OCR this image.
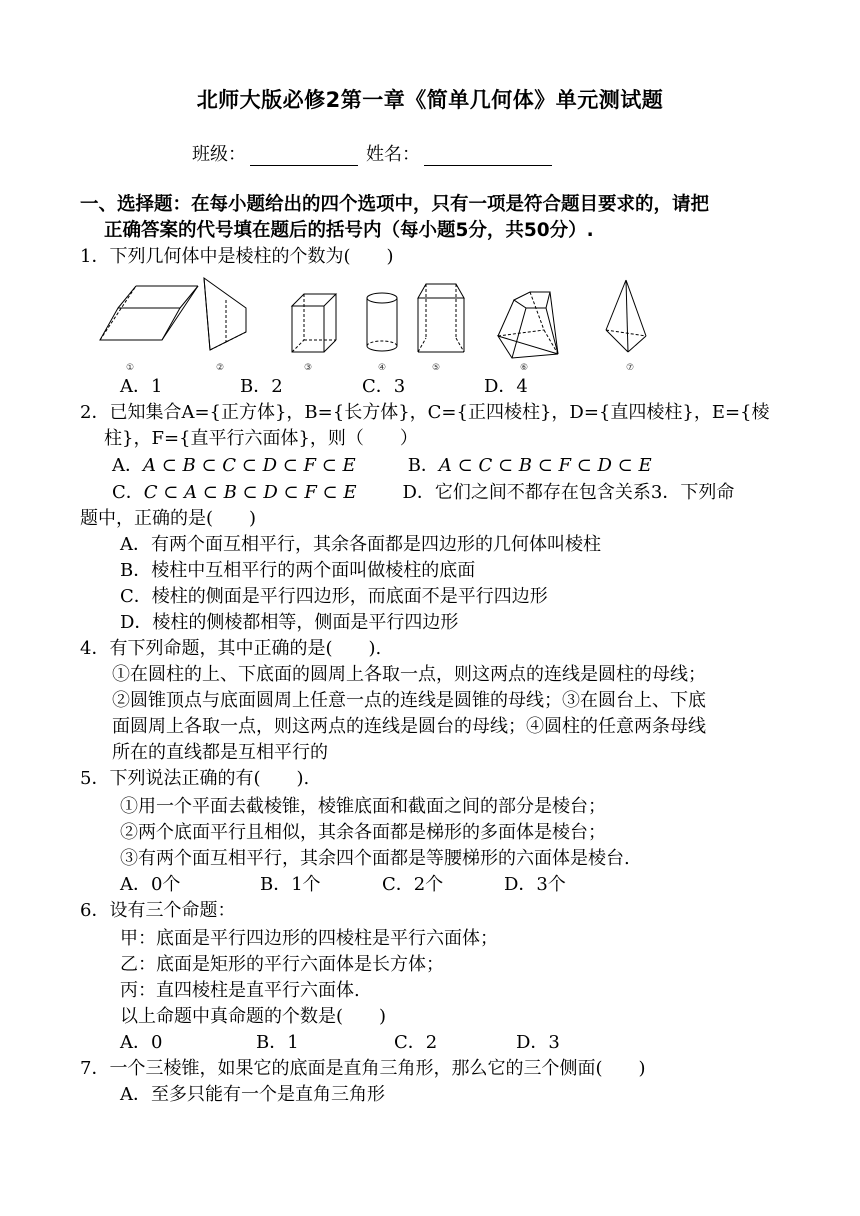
北师大版必修2第一章《简单几何体》单元测试题
班级：	姓名：
一、选择题：在每小题给出的四个选项中，只有一项是符合题目要求的，请把
正确答案的代号填在题后的括号内（每小题5分，共50分）.
1．下列几何体中是棱柱的个数为(　　)
①	②	③	④	⑤	⑥	⑦
A．1	B．2	C．3	D．4
2．已知集合A={正方体}，B={长方体}，C={正四棱柱}，D={直四棱柱}，E={棱
柱}，F={直平行六面体}，则（　　）
A．A ⊂ B ⊂ C ⊂ D ⊂ F ⊂ E	B．A ⊂ C ⊂ B ⊂ F ⊂ D ⊂ E
C．C ⊂ A ⊂ B ⊂ D ⊂ F ⊂ E	D．它们之间不都存在包含关系3．下列命
题中，正确的是(　　)
A．有两个面互相平行，其余各面都是四边形的几何体叫棱柱
B．棱柱中互相平行的两个面叫做棱柱的底面
C．棱柱的侧面是平行四边形，而底面不是平行四边形
D．棱柱的侧棱都相等，侧面是平行四边形
4．有下列命题，其中正确的是(　　).
①在圆柱的上、下底面的圆周上各取一点，则这两点的连线是圆柱的母线；
②圆锥顶点与底面圆周上任意一点的连线是圆锥的母线；③在圆台上、下底
面圆周上各取一点，则这两点的连线是圆台的母线；④圆柱的任意两条母线
所在的直线都是互相平行的
5．下列说法正确的有(　　).
①用一个平面去截棱锥，棱锥底面和截面之间的部分是棱台；
②两个底面平行且相似，其余各面都是梯形的多面体是棱台；
③有两个面互相平行，其余四个面都是等腰梯形的六面体是棱台.
A．0个	B．1个	C．2个	D．3个
6．设有三个命题：
甲：底面是平行四边形的四棱柱是平行六面体；
乙：底面是矩形的平行六面体是长方体；
丙：直四棱柱是直平行六面体.
以上命题中真命题的个数是(　　)
A．0	B．1	C．2	D．3
7．一个三棱锥，如果它的底面是直角三角形，那么它的三个侧面(　　)
A．至多只能有一个是直角三角形
